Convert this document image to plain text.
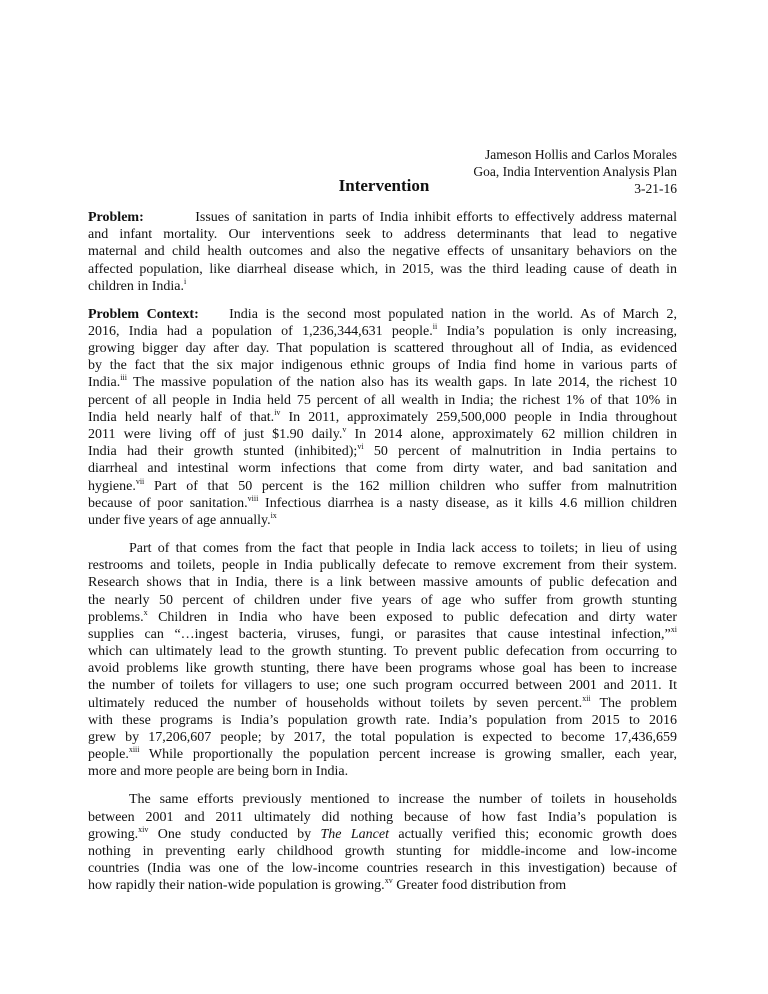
Jameson Hollis and Carlos Morales
Goa, India Intervention Analysis Plan
3-21-16
Intervention
Problem:         Issues of sanitation in parts of India inhibit efforts to effectively address maternal
and infant mortality. Our interventions seek to address determinants that lead to negative
maternal and child health outcomes and also the negative effects of unsanitary behaviors on the
affected population, like diarrheal disease which, in 2015, was the third leading cause of death in
children in India.$^i$
Problem Context:    India is the second most populated nation in the world. As of March 2,
2016, India had a population of 1,236,344,631 people.$^{ii}$ India’s population is only increasing,
growing bigger day after day. That population is scattered throughout all of India, as evidenced
by the fact that the six major indigenous ethnic groups of India find home in various parts of
India.$^{iii}$ The massive population of the nation also has its wealth gaps. In late 2014, the richest 10
percent of all people in India held 75 percent of all wealth in India; the richest 1% of that 10% in
India held nearly half of that.$^{iv}$ In 2011, approximately 259,500,000 people in India throughout
2011 were living off of just $1.90 daily.$^v$ In 2014 alone, approximately 62 million children in
India had their growth stunted (inhibited);$^{vi}$ 50 percent of malnutrition in India pertains to
diarrheal and intestinal worm infections that come from dirty water, and bad sanitation and
hygiene.$^{vii}$ Part of that 50 percent is the 162 million children who suffer from malnutrition
because of poor sanitation.$^{viii}$ Infectious diarrhea is a nasty disease, as it kills 4.6 million children
under five years of age annually.$^{ix}$
Part of that comes from the fact that people in India lack access to toilets; in lieu of using
restrooms and toilets, people in India publically defecate to remove excrement from their system.
Research shows that in India, there is a link between massive amounts of public defecation and
the nearly 50 percent of children under five years of age who suffer from growth stunting
problems.$^x$ Children in India who have been exposed to public defecation and dirty water
supplies can “…ingest bacteria, viruses, fungi, or parasites that cause intestinal infection,”$^{xi}$
which can ultimately lead to the growth stunting. To prevent public defecation from occurring to
avoid problems like growth stunting, there have been programs whose goal has been to increase
the number of toilets for villagers to use; one such program occurred between 2001 and 2011. It
ultimately reduced the number of households without toilets by seven percent.$^{xii}$ The problem
with these programs is India’s population growth rate. India’s population from 2015 to 2016
grew by 17,206,607 people; by 2017, the total population is expected to become 17,436,659
people.$^{xiii}$ While proportionally the population percent increase is growing smaller, each year,
more and more people are being born in India.
The same efforts previously mentioned to increase the number of toilets in households
between 2001 and 2011 ultimately did nothing because of how fast India’s population is
growing.$^{xiv}$ One study conducted by The Lancet actually verified this; economic growth does
nothing in preventing early childhood growth stunting for middle-income and low-income
countries (India was one of the low-income countries research in this investigation) because of
how rapidly their nation-wide population is growing.$^{xv}$ Greater food distribution from
